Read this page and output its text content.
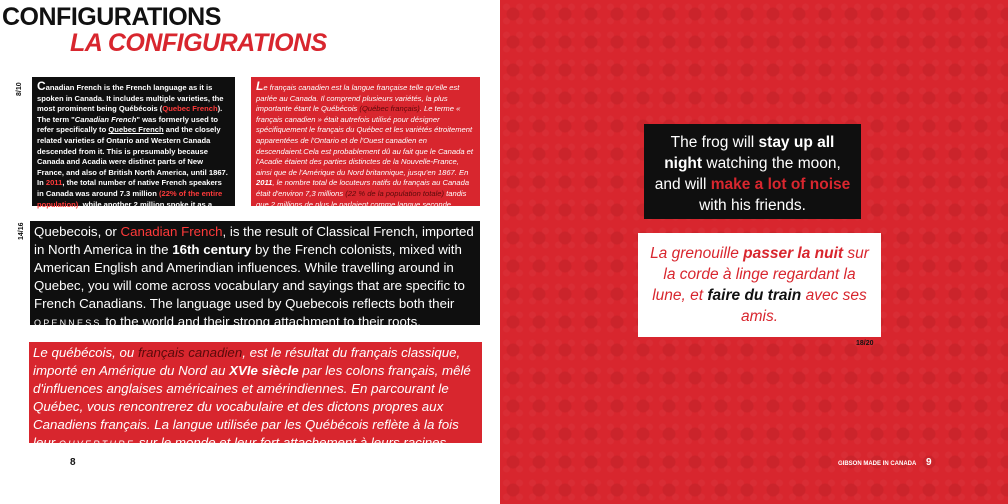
CONFIGURATIONS
LA CONFIGURATIONS
8/10	Canadian French is the French language as it is spoken in Canada. It includes multiple varieties, the most prominent being Québécois (Quebec French). The term "Canadian French" was formerly used to refer specifically to Quebec French and the closely related varieties of Ontario and Western Canada descended from it. This is presumably because Canada and Acadia were distinct parts of New France, and also of British North America, until 1867. In 2011, the total number of native French speakers in Canada was around 7.3 million (22% of the entire population), while another 2 million spoke it as a second language.
Le français canadien est la langue française telle qu'elle est parlée au Canada. Il comprend plusieurs variétés, la plus importante étant le Québécois (Québec français). Le terme « français canadien » était autrefois utilisé pour désigner spécifiquement le français du Québec et les variétés étroitement apparentées de l'Ontario et de l'Ouest canadien en descendaient.Cela est probablement dû au fait que le Canada et l'Acadie étaient des parties distinctes de la Nouvelle-France, ainsi que de l'Amérique du Nord britannique, jusqu'en 1867. En 2011, le nombre total de locuteurs natifs du français au Canada était d'environ 7,3 millions (22 % de la population totale) tandis que 2 millions de plus le parlaient comme langue seconde.
14/16 Quebecois, or Canadian French, is the result of Classical French, imported in North America in the 16th century by the French colonists, mixed with American English and Amerindian influences. While travelling around in Quebec, you will come across vocabulary and sayings that are specific to French Canadians. The language used by Quebecois reflects both their OPENNESS to the world and their strong attachment to their roots.
Le québécois, ou français canadien, est le résultat du français classique, importé en Amérique du Nord au XVIe siècle par les colons français, mêlé d'influences anglaises américaines et amérindiennes. En parcourant le Québec, vous rencontrerez du vocabulaire et des dictons propres aux Canadiens français. La langue utilisée par les Québécois reflète à la fois leur OUVERTURE sur le monde et leur fort attachement à leurs racines.
8
The frog will stay up all night watching the moon, and will make a lot of noise with his friends.
La grenouille passer la nuit sur la corde à linge regardant la lune, et faire du train avec ses amis.
18/20
GIBSON MADE IN CANADA 9
